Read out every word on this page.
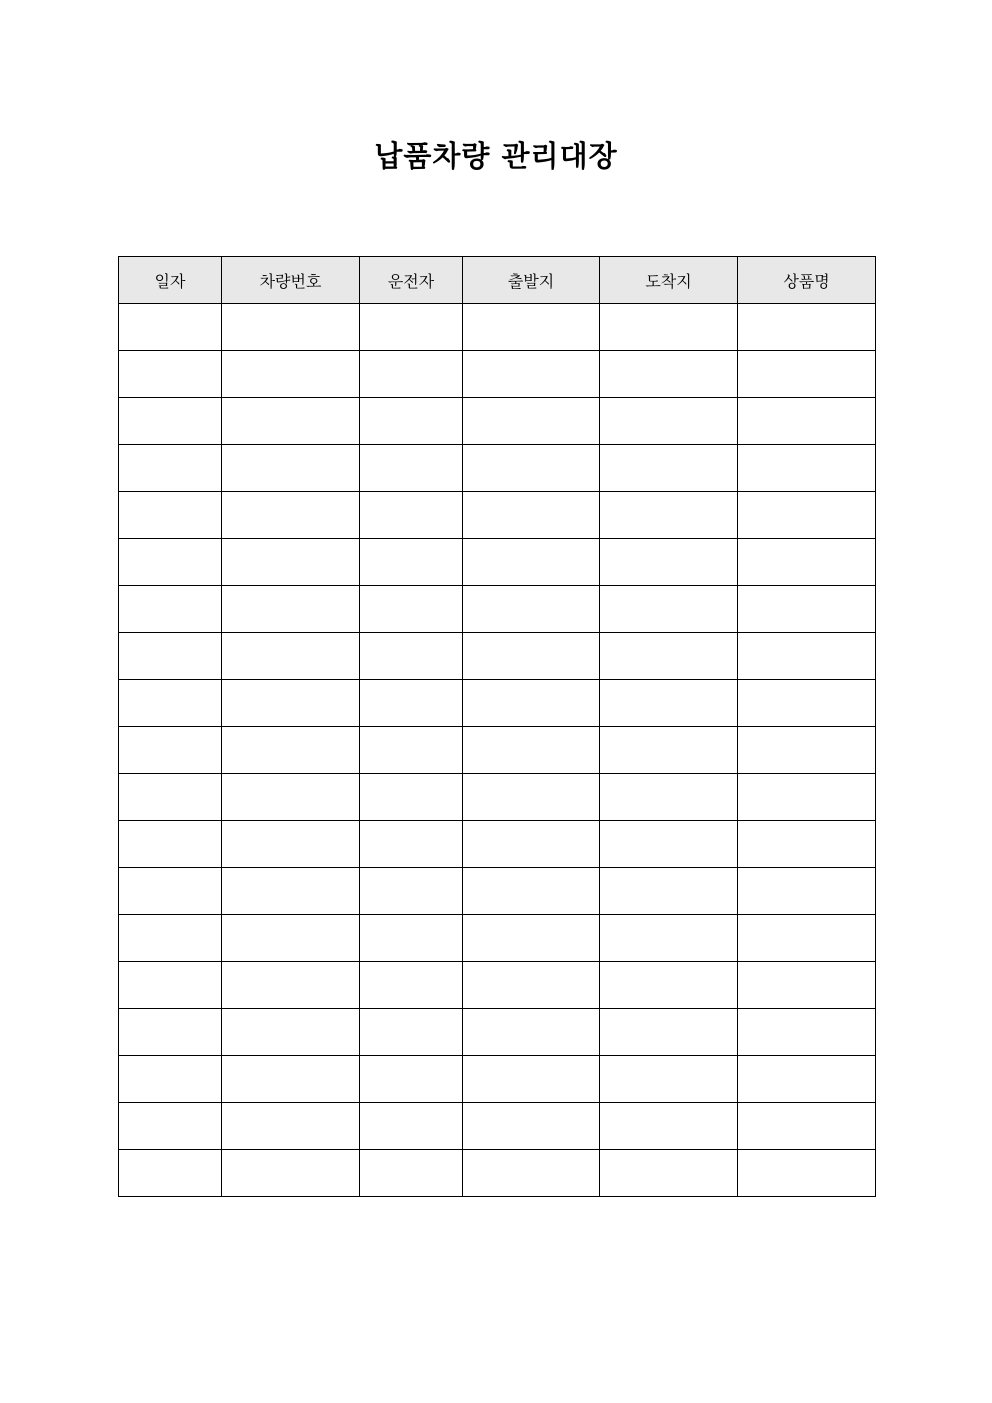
납품차량 관리대장
일자	차량번호	운전자	출발지	도착지	상품명
